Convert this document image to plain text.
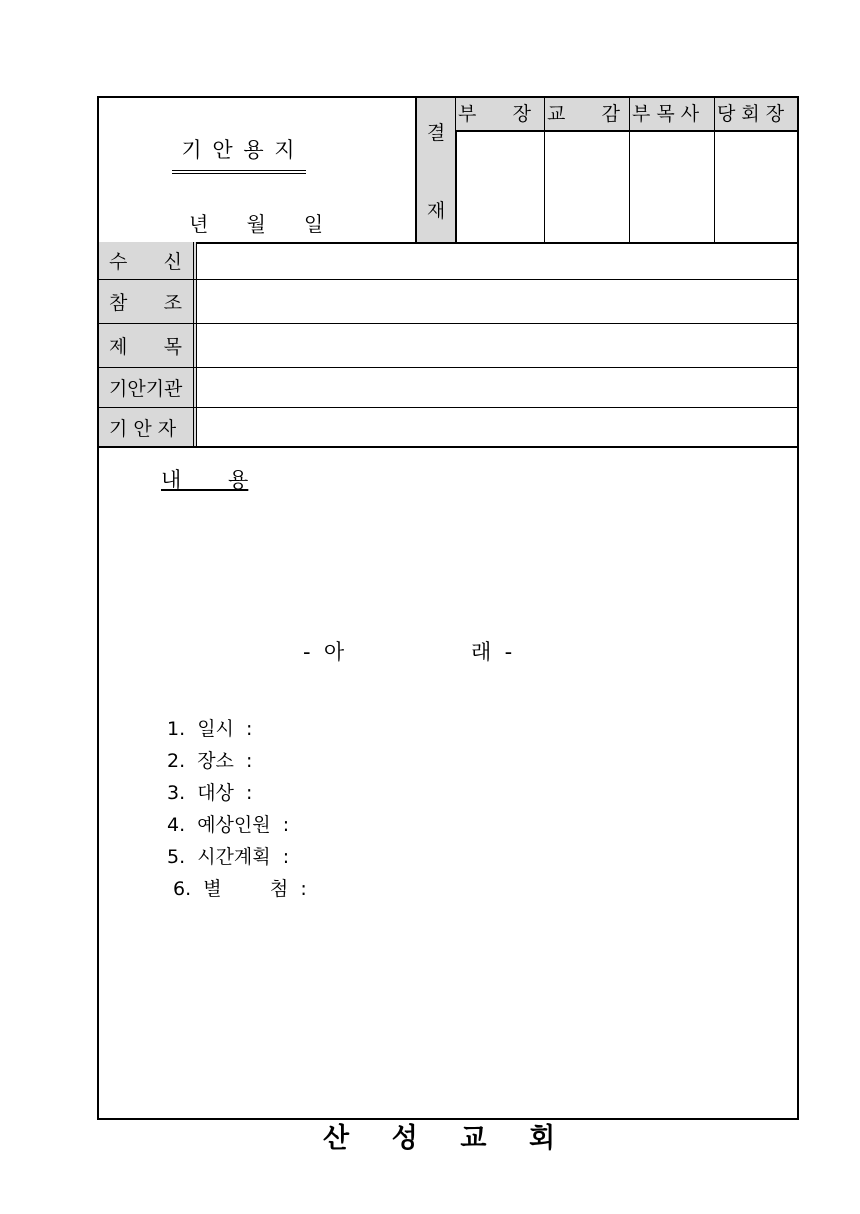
기 안 용 지
년      월      일
결
재
부      장 교      감 부 목 사 당 회 장
수      신
참      조
제      목
기안기관
기 안 자
내       용
-  아                   래  -
1.  일시  :
2.  장소  :
3.  대상  :
4.  예상인원  :
5.  시간계획  :
6.  별        첨  :
산    성    교    회
